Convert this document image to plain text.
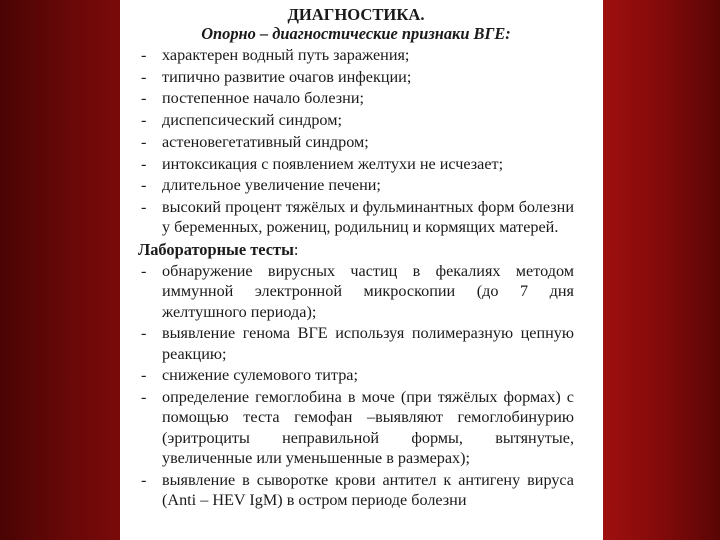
ДИАГНОСТИКА.

Опорно – диагностические признаки ВГЕ:

- характерен водный путь заражения;
- типично развитие очагов инфекции;
- постепенное начало болезни;
- диспепсический синдром;
- астеновегетативный синдром;
- интоксикация с появлением желтухи не исчезает;
- длительное увеличение печени;
- высокий процент тяжёлых и фульминантных форм болезни у беременных, рожениц, родильниц и кормящих матерей.

Лабораторные тесты:

- обнаружение вирусных частиц в фекалиях методом иммунной электронной микроскопии (до 7 дня желтушного периода);
- выявление генома ВГЕ используя полимеразную цепную реакцию;
- снижение сулемового титра;
- определение гемоглобина в моче (при тяжёлых формах) с помощью теста гемофан –выявляют гемоглобинурию (эритроциты неправильной формы, вытянутые, увеличенные или уменьшенные в размерах);
- выявление в сыворотке крови антител к антигену вируса (Anti – HEV IgM) в остром периоде болезни
